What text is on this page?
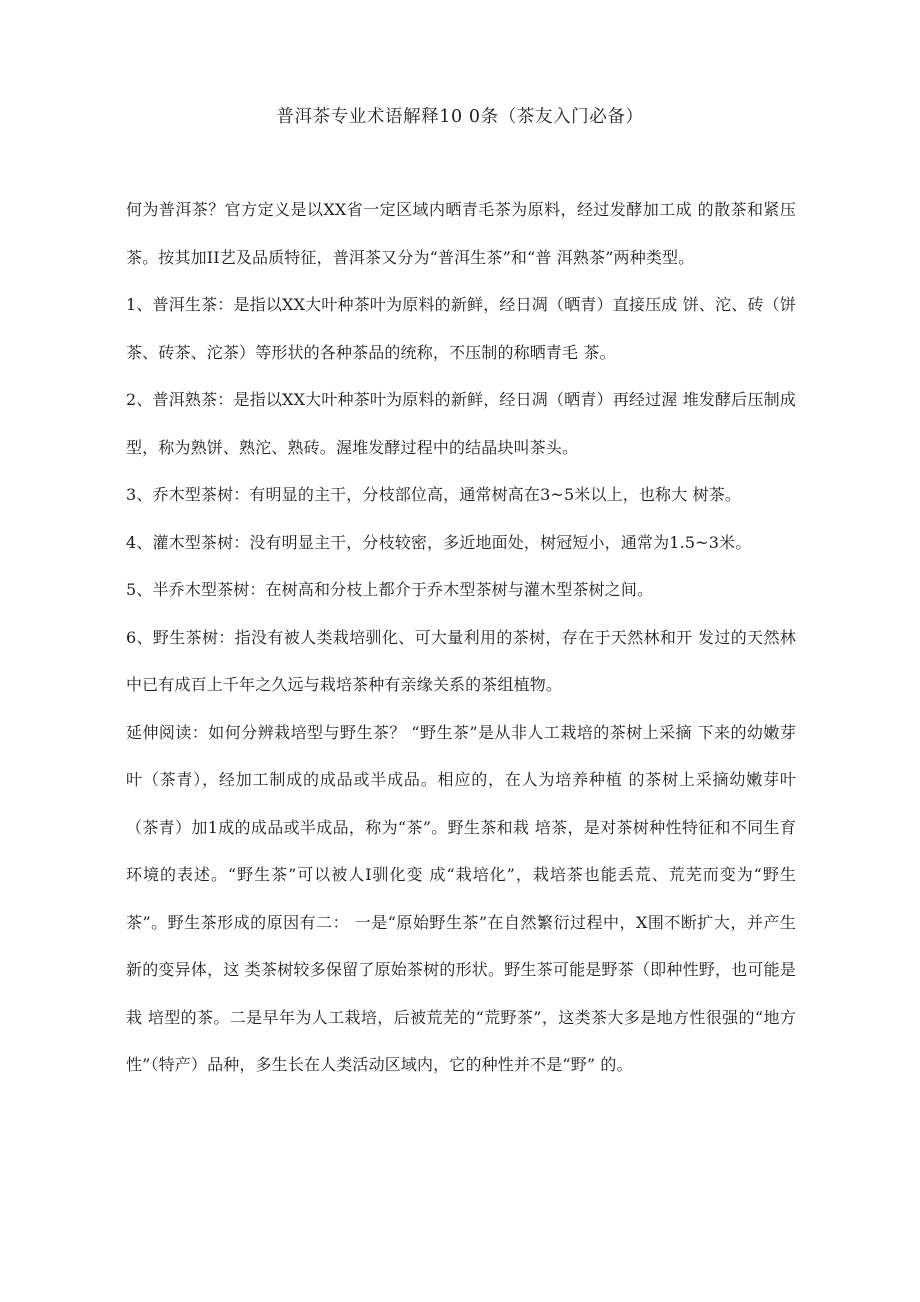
普洱茶专业术语解释10 0条（茶友入门必备）

何为普洱茶？官方定义是以XX省一定区域内晒青毛茶为原料，经过发酵加工成 的散茶和紧压茶。按其加II艺及品质特征，普洱茶又分为“普洱生茶”和“普 洱熟茶”两种类型。

1、普洱生茶：是指以XX大叶种茶叶为原料的新鲜，经日凋（晒青）直接压成 饼、沱、砖（饼茶、砖茶、沱茶）等形状的各种茶品的统称，不压制的称晒青毛 茶。

2、普洱熟茶：是指以XX大叶种茶叶为原料的新鲜，经日凋（晒青）再经过渥 堆发酵后压制成型，称为熟饼、熟沱、熟砖。渥堆发酵过程中的结晶块叫茶头。

3、乔木型茶树：有明显的主干，分枝部位高，通常树高在3~5米以上，也称大 树茶。

4、灌木型茶树：没有明显主干，分枝较密，多近地面处，树冠短小，通常为1.5~3米。

5、半乔木型茶树：在树高和分枝上都介于乔木型茶树与灌木型茶树之间。

6、野生茶树：指没有被人类栽培驯化、可大量利用的茶树，存在于天然林和开 发过的天然林中已有成百上千年之久远与栽培茶种有亲缘关系的茶组植物。

延伸阅读：如何分辨栽培型与野生茶？ “野生茶”是从非人工栽培的茶树上采摘 下来的幼嫩芽叶（茶青），经加工制成的成品或半成品。相应的，在人为培养种植 的茶树上采摘幼嫩芽叶（茶青）加1成的成品或半成品，称为“茶”。野生茶和栽 培茶，是对茶树种性特征和不同生育环境的表述。“野生茶”可以被人I驯化变 成“栽培化”，栽培茶也能丢荒、荒芜而变为“野生茶”。野生茶形成的原因有二： 一是“原始野生茶”在自然繁衍过程中，X围不断扩大，并产生新的变异体，这 类茶树较多保留了原始茶树的形状。野生茶可能是野茶（即种性野，也可能是栽 培型的茶。二是早年为人工栽培，后被荒芜的“荒野茶”，这类茶大多是地方性很强的“地方性”（特产）品种，多生长在人类活动区域内，它的种性并不是“野” 的。
